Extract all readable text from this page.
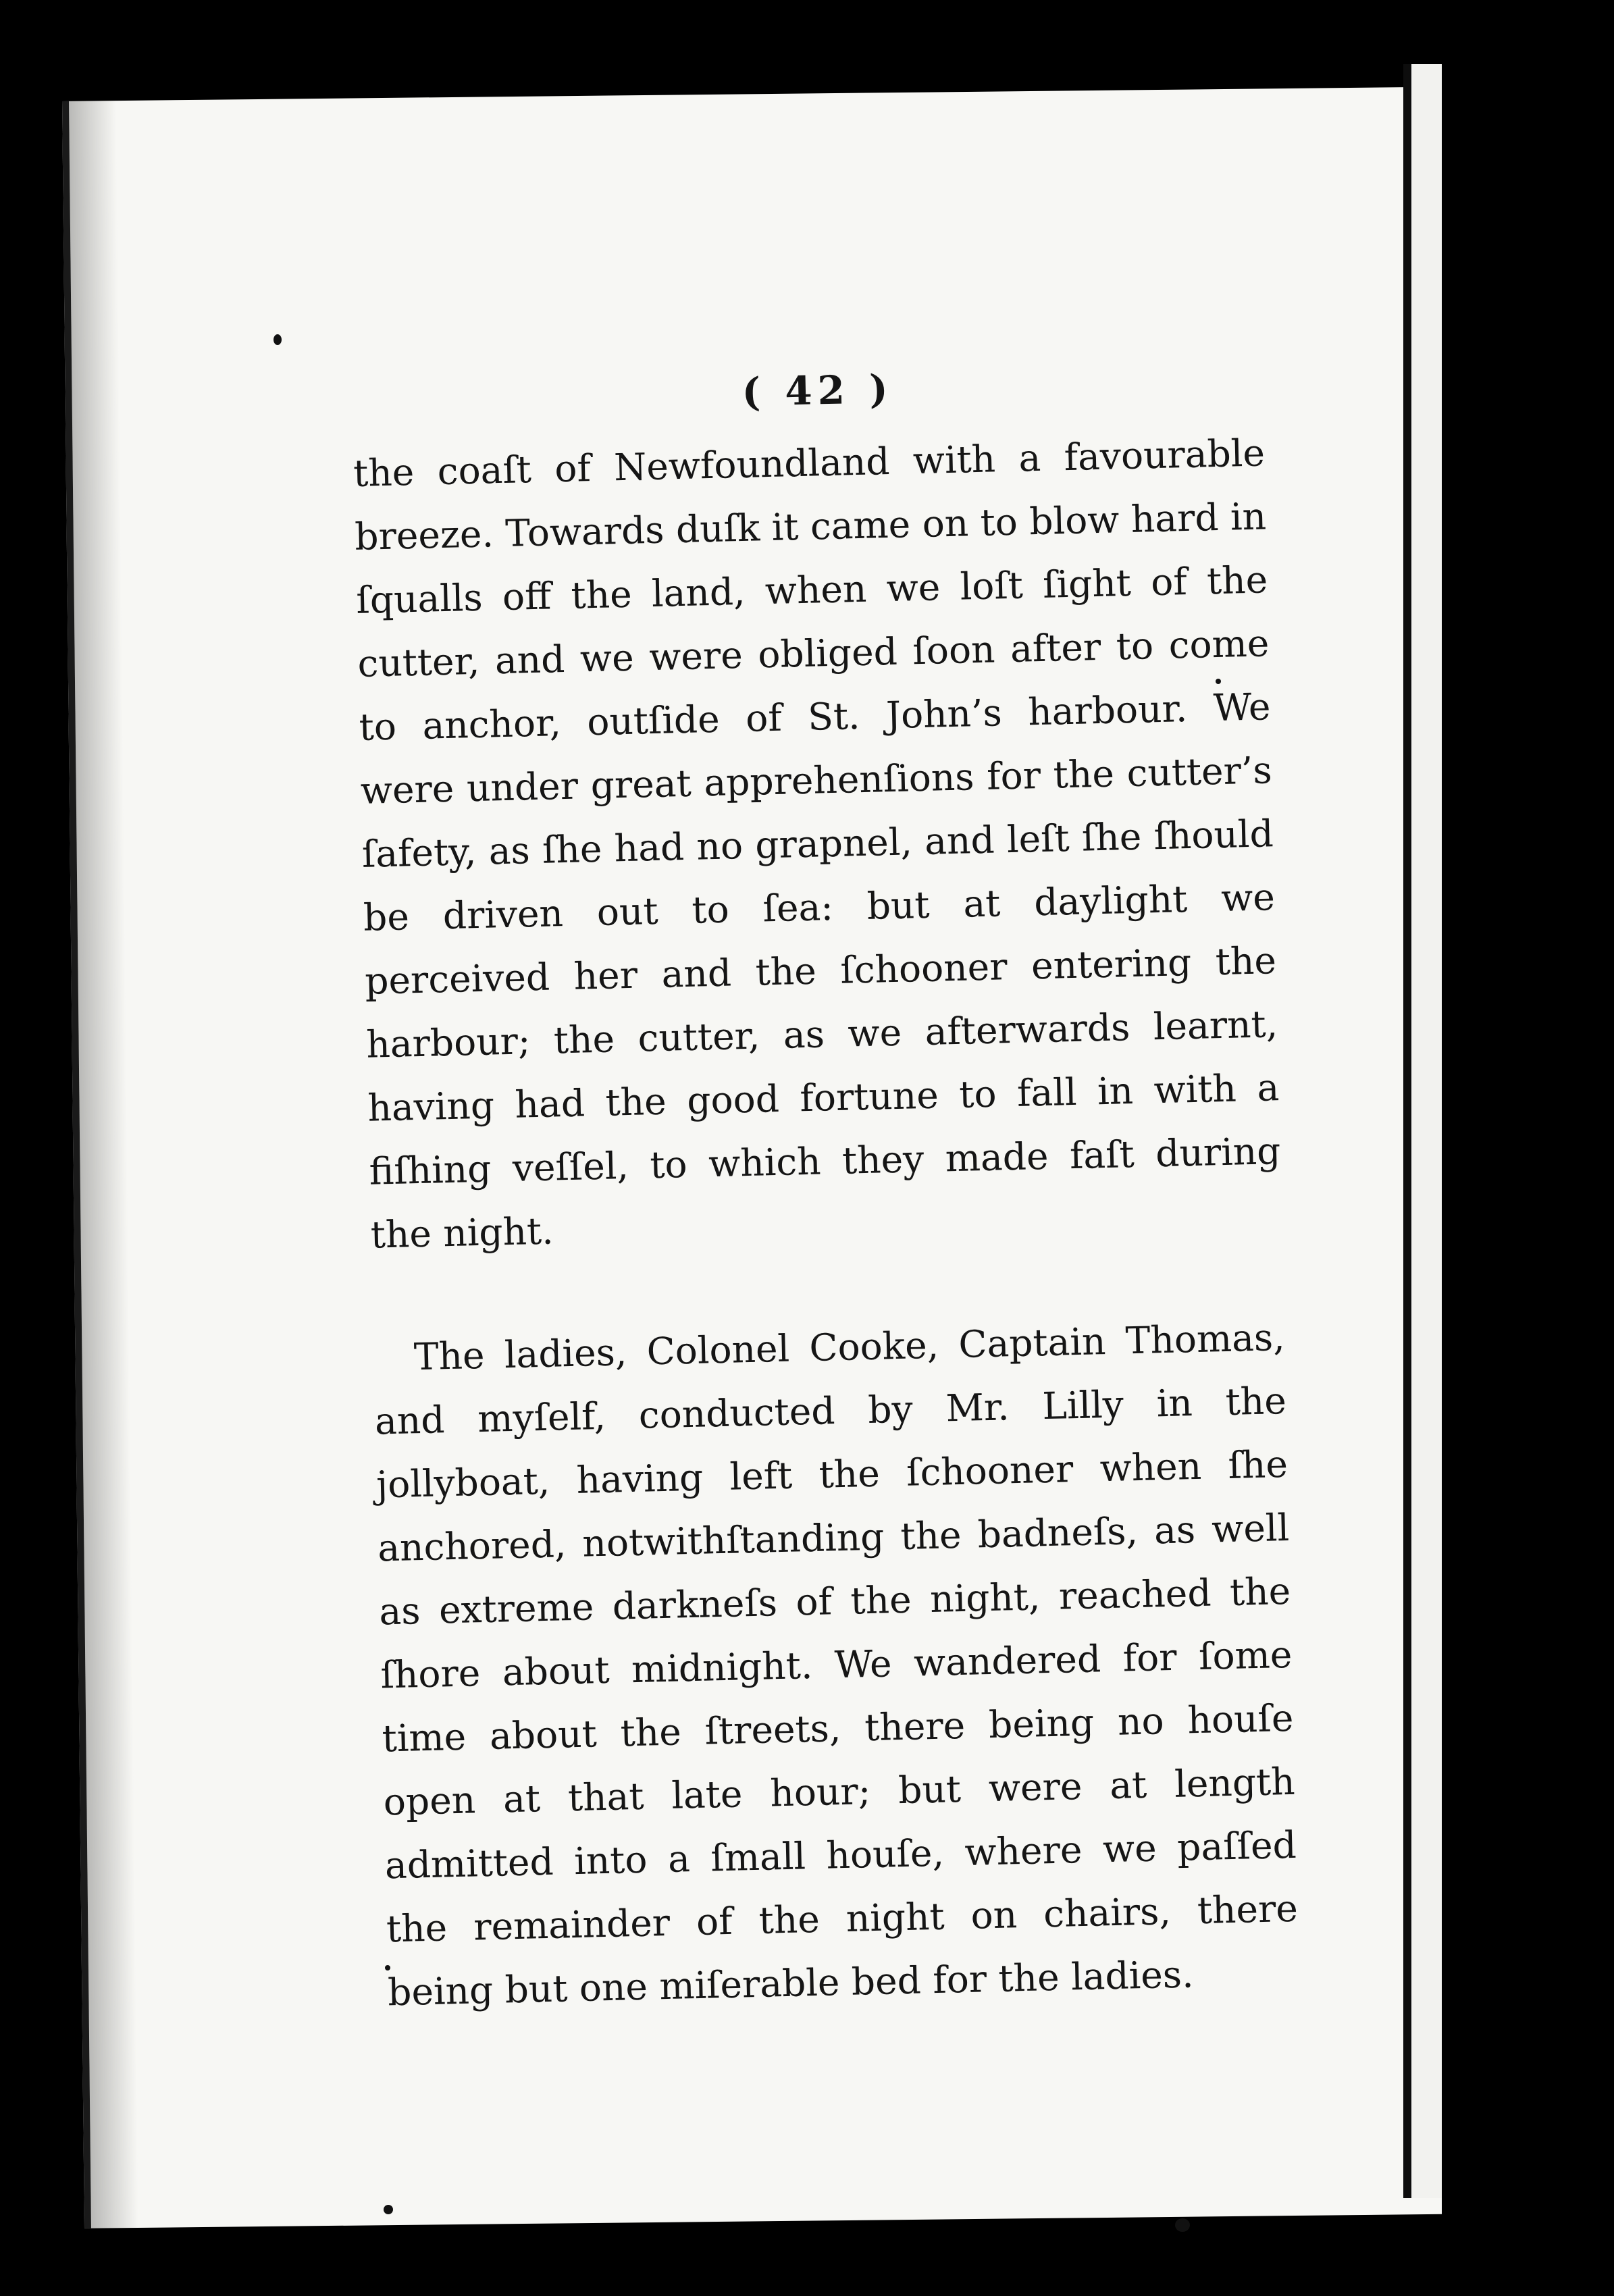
( 42 )

the coaſt of Newfoundland with a favourable breeze. Towards duſk it came on to blow hard in ſqualls off the land, when we loſt ſight of the cutter, and we were obliged ſoon after to come to anchor, outſide of St. John’s harbour. We were under great apprehenſions for the cutter’s ſafety, as ſhe had no grapnel, and leſt ſhe ſhould be driven out to ſea: but at daylight we perceived her and the ſchooner entering the harbour; the cutter, as we afterwards learnt, having had the good fortune to fall in with a fiſhing veſſel, to which they made faſt during the night.

The ladies, Colonel Cooke, Captain Thomas, and myſelf, conducted by Mr. Lilly in the jollyboat, having left the ſchooner when ſhe anchored, notwithſtanding the badneſs, as well as extreme darkneſs of the night, reached the ſhore about midnight. We wandered for ſome time about the ſtreets, there being no houſe open at that late hour; but were at length admitted into a ſmall houſe, where we paſſed the remainder of the night on chairs, there being but one miſerable bed for the ladies.
